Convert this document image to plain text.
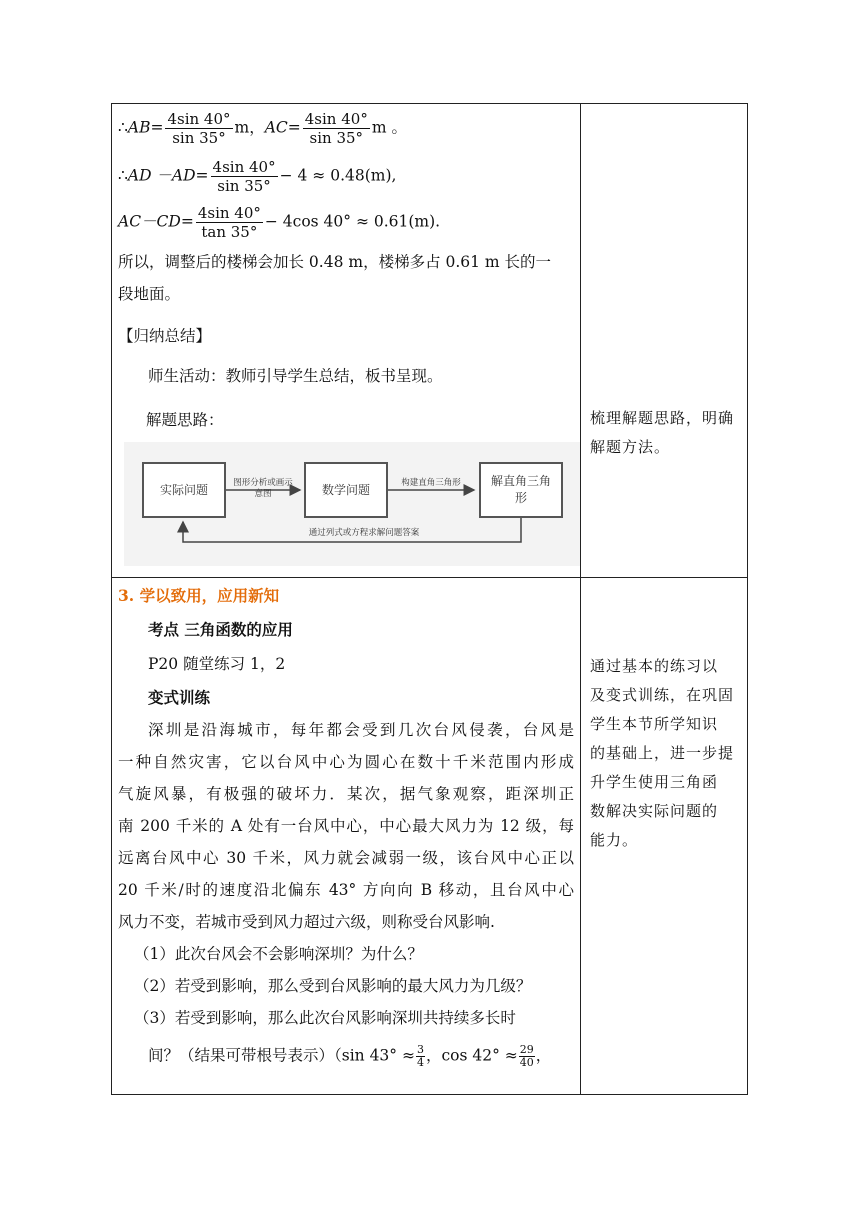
∴AB= $\frac{4\sin 40^\circ}{\sin 35^\circ}$ m，$AC= \frac{4\sin 40^\circ}{\sin 35^\circ}$ m 。
∴AD $-AD= \frac{4\sin 40^\circ}{\sin 35^\circ} - 4 \approx 0.48(m)$,
$AC-CD= \frac{4\sin 40^\circ}{\tan 35^\circ} - 4\cos$ 40° ≈ 0.61(m).
所以，调整后的楼梯会加长 0.48 m，楼梯多占 0.61 m 长的一
段地面。
【归纳总结】
师生活动：教师引导学生总结，板书呈现。
解题思路：
实际问题	图形分析或画示意图	数学问题	构建直角三角形	解直角三角形
通过列式或方程求解问题答案
梳理解题思路，明确解题方法。
3. 学以致用，应用新知
考点 三角函数的应用
P20 随堂练习 1，2
变式训练
深圳是沿海城市，每年都会受到几次台风侵袭，台风是
一种自然灾害，它以台风中心为圆心在数十千米范围内形成
气旋风暴，有极强的破坏力．某次，据气象观察，距深圳正
南 200 千米的 A 处有一台风中心，中心最大风力为 12 级，每
远离台风中心 30 千米，风力就会减弱一级，该台风中心正以
20 千米/时的速度沿北偏东 43° 方向向 B 移动，且台风中心
风力不变，若城市受到风力超过六级，则称受台风影响.
（1）此次台风会不会影响深圳？为什么？
（2）若受到影响，那么受到台风影响的最大风力为几级？
（3）若受到影响，那么此次台风影响深圳共持续多长时
间？（结果可带根号表示）（sin $43^\circ \approx \frac{3}{4}$ ，$\cos 42^\circ \approx \frac{29}{40}$ ，
通过基本的练习以
及变式训练，在巩固
学生本节所学知识
的基础上，进一步提
升学生使用三角函
数解决实际问题的
能力。
